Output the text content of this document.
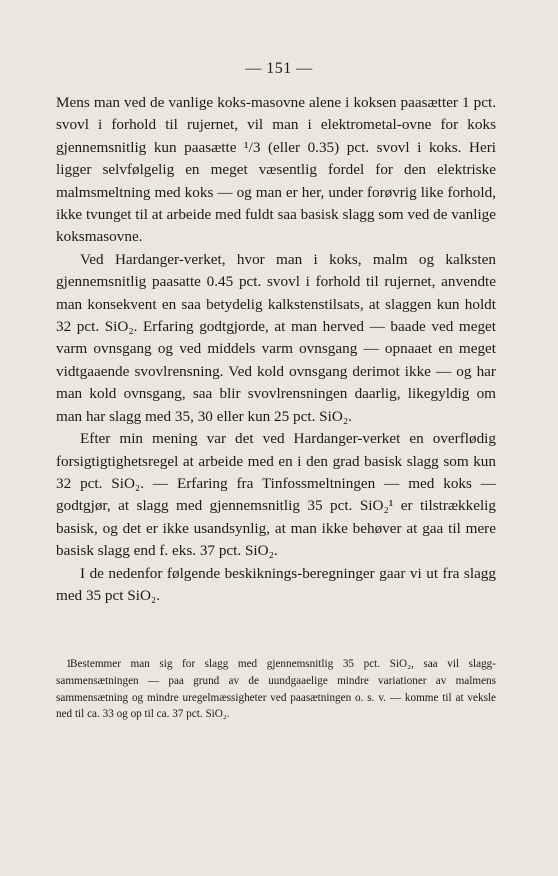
— 151 —

Mens man ved de vanlige koks-masovne alene i koksen paasætter 1 pct. svovl i forhold til rujernet, vil man i elektrometal-ovne for koks gjennemsnitlig kun paasætte ¹/3 (eller 0.35) pct. svovl i koks. Heri ligger selvfølgelig en meget væsentlig fordel for den elektriske malmsmeltning med koks — og man er her, under forøvrig like forhold, ikke tvunget til at arbeide med fuldt saa basisk slagg som ved de vanlige koksmasovne.

Ved Hardanger-verket, hvor man i koks, malm og kalksten gjennemsnitlig paasatte 0.45 pct. svovl i forhold til rujernet, anvendte man konsekvent en saa betydelig kalkstenstilsats, at slaggen kun holdt 32 pct. SiO₂. Erfaring godtgjorde, at man herved — baade ved meget varm ovnsgang og ved middels varm ovnsgang — opnaaet en meget vidtgaaende svovlrensning. Ved kold ovnsgang derimot ikke — og har man kold ovnsgang, saa blir svovlrensningen daarlig, likegyldig om man har slagg med 35, 30 eller kun 25 pct. SiO₂.

Efter min mening var det ved Hardanger-verket en overflødig forsigtigtighetsregel at arbeide med en i den grad basisk slagg som kun 32 pct. SiO₂. — Erfaring fra Tinfossmeltningen — med koks — godtgjør, at slagg med gjennemsnitlig 35 pct. SiO₂¹ er tilstrækkelig basisk, og det er ikke usandsynlig, at man ikke behøver at gaa til mere basisk slagg end f. eks. 37 pct. SiO₂.

I de nedenfor følgende beskiknings-beregninger gaar vi ut fra slagg med 35 pct SiO₂.

1
Bestemmer man sig for slagg med gjennemsnitlig 35 pct. SiO₂, saa vil slagg-sammensætningen — paa grund av de uundgaaelige mindre variationer av malmens sammensætning og mindre uregelmæssigheter ved paasætningen o. s. v. — komme til at veksle ned til ca. 33 og op til ca. 37 pct. SiO₂.
